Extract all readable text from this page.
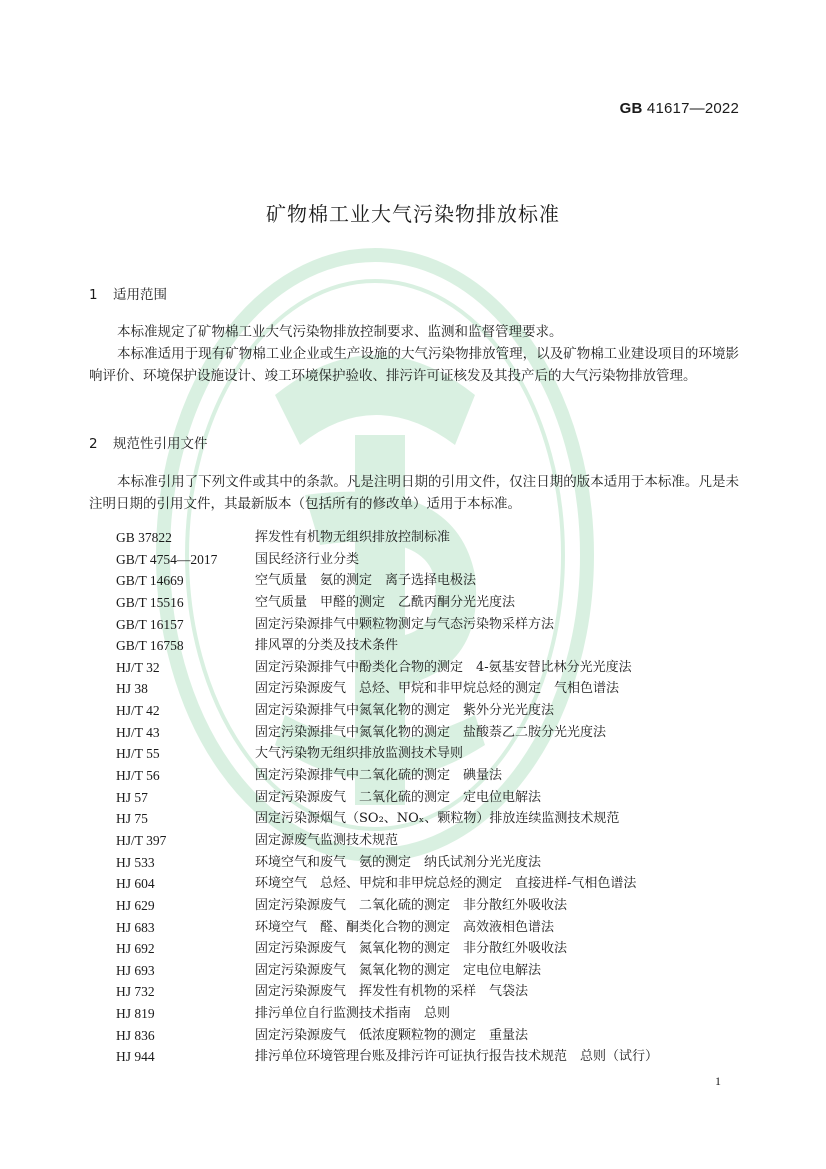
GB 41617—2022
矿物棉工业大气污染物排放标准
1 适用范围
本标准规定了矿物棉工业大气污染物排放控制要求、监测和监督管理要求。
本标准适用于现有矿物棉工业企业或生产设施的大气污染物排放管理，以及矿物棉工业建设项目的环境影响评价、环境保护设施设计、竣工环境保护验收、排污许可证核发及其投产后的大气污染物排放管理。
2 规范性引用文件
本标准引用了下列文件或其中的条款。凡是注明日期的引用文件，仅注日期的版本适用于本标准。凡是未注明日期的引用文件，其最新版本（包括所有的修改单）适用于本标准。
GB 37822	挥发性有机物无组织排放控制标准
GB/T 4754—2017	国民经济行业分类
GB/T 14669	空气质量　氨的测定　离子选择电极法
GB/T 15516	空气质量　甲醛的测定　乙酰丙酮分光光度法
GB/T 16157	固定污染源排气中颗粒物测定与气态污染物采样方法
GB/T 16758	排风罩的分类及技术条件
HJ/T 32	固定污染源排气中酚类化合物的测定　4-氨基安替比林分光光度法
HJ 38	固定污染源废气　总烃、甲烷和非甲烷总烃的测定　气相色谱法
HJ/T 42	固定污染源排气中氮氧化物的测定　紫外分光光度法
HJ/T 43	固定污染源排气中氮氧化物的测定　盐酸萘乙二胺分光光度法
HJ/T 55	大气污染物无组织排放监测技术导则
HJ/T 56	固定污染源排气中二氧化硫的测定　碘量法
HJ 57	固定污染源废气　二氧化硫的测定　定电位电解法
HJ 75	固定污染源烟气（SO₂、NOₓ、颗粒物）排放连续监测技术规范
HJ/T 397	固定源废气监测技术规范
HJ 533	环境空气和废气　氨的测定　纳氏试剂分光光度法
HJ 604	环境空气　总烃、甲烷和非甲烷总烃的测定　直接进样-气相色谱法
HJ 629	固定污染源废气　二氧化硫的测定　非分散红外吸收法
HJ 683	环境空气　醛、酮类化合物的测定　高效液相色谱法
HJ 692	固定污染源废气　氮氧化物的测定　非分散红外吸收法
HJ 693	固定污染源废气　氮氧化物的测定　定电位电解法
HJ 732	固定污染源废气　挥发性有机物的采样　气袋法
HJ 819	排污单位自行监测技术指南　总则
HJ 836	固定污染源废气　低浓度颗粒物的测定　重量法
HJ 944	排污单位环境管理台账及排污许可证执行报告技术规范　总则（试行）
1
